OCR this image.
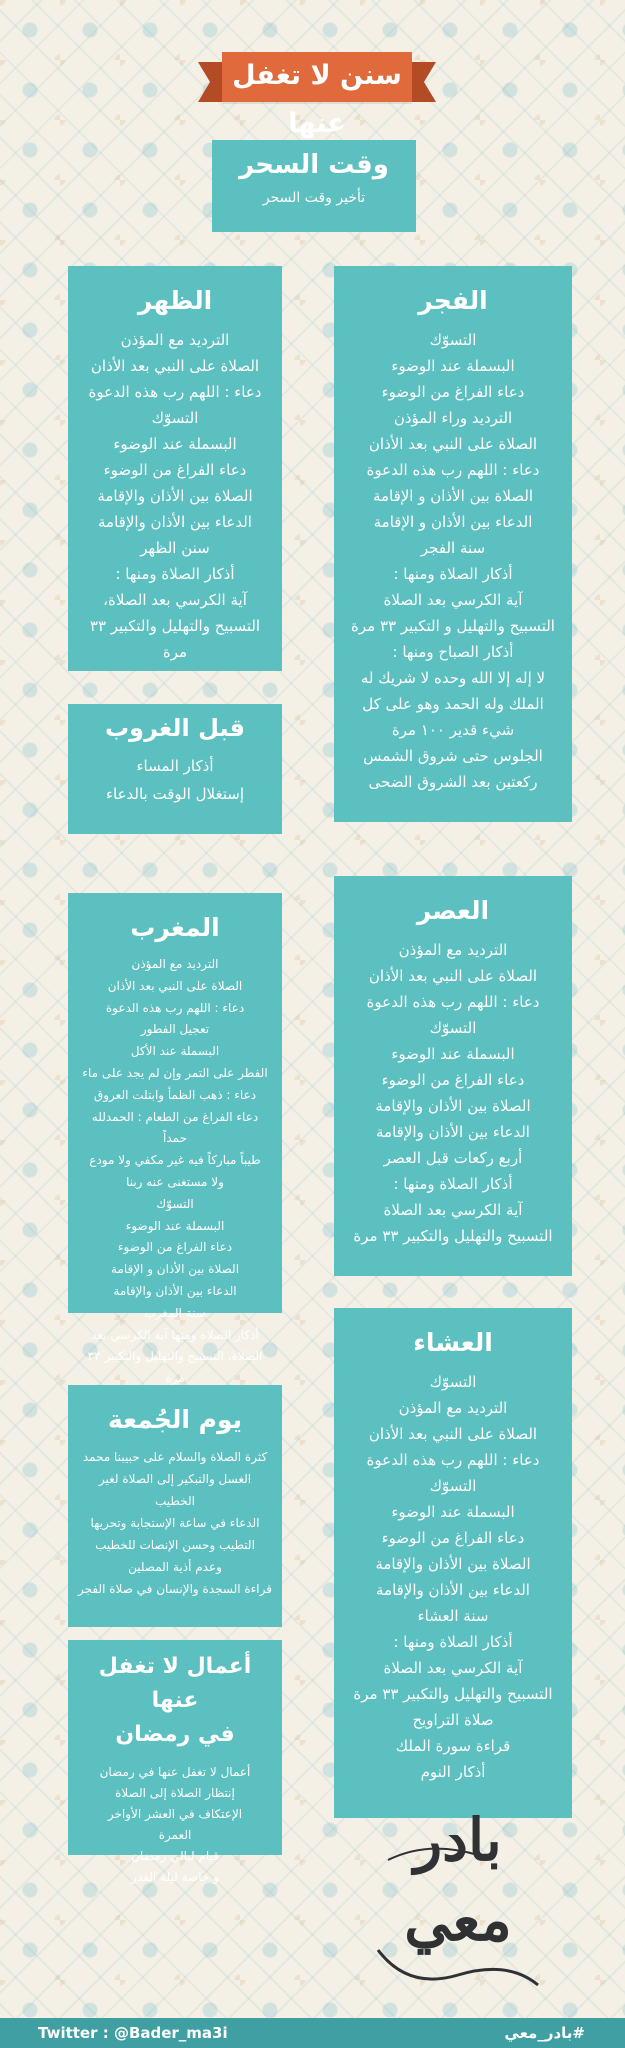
سنن لا تغفل عنها
وقت السحر
تأخير وقت السحر
الفجر
التسوّك
البسملة عند الوضوء
دعاء الفراغ من الوضوء
الترديد وراء المؤذن
الصلاة على النبي بعد الأذان
دعاء : اللهم رب هذه الدعوة
الصلاة بين الأذان و الإقامة
الدعاء بين الأذان و الإقامة
سنة الفجر
أذكار الصلاة ومنها :
آية الكرسي بعد الصلاة
التسبيح والتهليل و التكبير ٣٣ مرة
أذكار الصباح ومنها :
لا إله إلا الله وحده لا شريك له
الملك وله الحمد وهو على كل
شيء قدير ١٠٠ مرة
الجلوس حتى شروق الشمس
ركعتين بعد الشروق الضحى
الظهر
الترديد مع المؤذن
الصلاة على النبي بعد الأذان
دعاء : اللهم رب هذه الدعوة
التسوّك
البسملة عند الوضوء
دعاء الفراغ من الوضوء
الصلاة بين الأذان والإقامة
الدعاء بين الأذان والإقامة
سنن الظهر
أذكار الصلاة ومنها :
آية الكرسي بعد الصلاة،
التسبيح والتهليل والتكبير ٣٣ مرة
قبل الغروب
أذكار المساء
إستغلال الوقت بالدعاء
العصر
الترديد مع المؤذن
الصلاة على النبي بعد الأذان
دعاء : اللهم رب هذه الدعوة
التسوّك
البسملة عند الوضوء
دعاء الفراغ من الوضوء
الصلاة بين الأذان والإقامة
الدعاء بين الأذان والإقامة
أربع ركعات قبل العصر
أذكار الصلاة ومنها :
آية الكرسي بعد الصلاة
التسبيح والتهليل والتكبير ٣٣ مرة
المغرب
الترديد مع المؤذن
الصلاة على النبي بعد الأذان
دعاء : اللهم رب هذه الدعوة
تعجيل الفطور
البسملة عند الأكل
الفطر على التمر وإن لم يجد على ماء
دعاء : ذهب الظمأ وابتلت العروق
دعاء الفراغ من الطعام : الحمدلله حمداً
طيباً مباركاً فيه غير مكفي ولا مودع
ولا مستغنى عنه ربنا
التسوّك
البسملة عند الوضوء
دعاء الفراغ من الوضوء
الصلاة بين الأذان و الإقامة
الدعاء بين الأذان والإقامة
سنة المغرب
أذكار الصلاة ومنها آية الكرسي بعد
الصلاة، التسبيح والتهليل والتكبير ٣٣ مرة
العشاء
التسوّك
الترديد مع المؤذن
الصلاة على النبي بعد الأذان
دعاء : اللهم رب هذه الدعوة
التسوّك
البسملة عند الوضوء
دعاء الفراغ من الوضوء
الصلاة بين الأذان والإقامة
الدعاء بين الأذان والإقامة
سنة العشاء
أذكار الصلاة ومنها :
آية الكرسي بعد الصلاة
التسبيح والتهليل والتكبير ٣٣ مرة
صلاة التراويح
قراءة سورة الملك
أذكار النوم
يوم الجُمعة
كثرة الصلاة والسلام على حبيبنا محمد
الغسل والتبكير إلى الصلاة لغير الخطيب
الدعاء في ساعة الإستجابة وتحريها
التطيب وحسن الإنصات للخطيب
وعدم أذية المصلين
قراءة السجدة والإنسان في صلاة الفجر
أعمال لا تغفل عنها
في رمضان
أعمال لا تغفل عنها في رمضان
إنتظار الصلاة إلى الصلاة
الإعتكاف في العشر الأواخر
العمرة
قيام ليالي رمضان
و خاصة ليلة القدر
بادر
معي
Twitter : @Bader_ma3i	#بادر_معي
